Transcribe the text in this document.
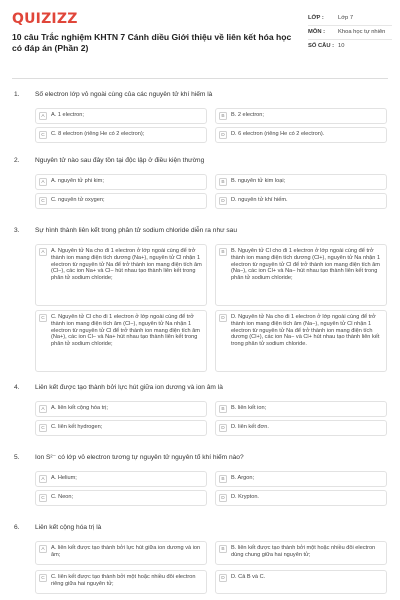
QUIZIZZ
10 câu Trắc nghiệm KHTN 7 Cánh diều Giới thiệu về liên kết hóa học có đáp án (Phần 2)
LỚP :	Lớp 7
MÔN :	Khoa học tự nhiên
SỐ CÂU : 10
1.	Số electron lớp vỏ ngoài cùng của các nguyên tử khí hiếm là
A	A. 1 electron;	B	B. 2 electron;
C	C. 8 electron (riêng He có 2 electron);	D	D. 6 electron (riêng He có 2 electron).
2.	Nguyên tử nào sau đây tồn tại độc lập ở điều kiện thường
A	A. nguyên tử phi kim;	B	B. nguyên tử kim loại;
C	C. nguyên tử oxygen;	D	D. nguyên tử khí hiếm.
3.	Sự hình thành liên kết trong phân tử sodium chloride diễn ra như sau
A	A. Nguyên tử Na cho đi 1 electron ở lớp ngoài cùng để trở thành ion mang điện tích dương (Na+), nguyên tử Cl nhận 1 electron từ nguyên tử Na để trở thành ion mang điện tích âm (Cl−), các ion Na+ và Cl− hút nhau tạo thành liên kết trong phân tử sodium chloride;
B	B. Nguyên tử Cl cho đi 1 electron ở lớp ngoài cùng để trở thành ion mang điện tích dương (Cl+), nguyên tử Na nhận 1 electron từ nguyên tử Cl để trở thành ion mang điện tích âm (Na−), các ion Cl+ và Na− hút nhau tạo thành liên kết trong phân tử sodium chloride;
C	C. Nguyên tử Cl cho đi 1 electron ở lớp ngoài cùng để trở thành ion mang điện tích âm (Cl−), nguyên tử Na nhận 1 electron từ nguyên tử Cl để trở thành ion mang điện tích âm (Na+), các ion Cl− và Na+ hút nhau tạo thành liên kết trong phân tử sodium chloride;
D	D. Nguyên tử Na cho đi 1 electron ở lớp ngoài cùng để trở thành ion mang điện tích âm (Na−), nguyên tử Cl nhận 1 electron từ nguyên tử Na để trở thành ion mang điện tích dương (Cl+), các ion Na− và Cl+ hút nhau tạo thành liên kết trong phân tử sodium chloride.
4.	Liên kết được tạo thành bởi lực hút giữa ion dương và ion âm là
A	A. liên kết cộng hóa trị;	B	B. liên kết ion;
C	C. liên kết hydrogen;	D	D. liên kết đơn.
5.	Ion S²⁻ có lớp vỏ electron tương tự nguyên tử nguyên tố khí hiếm nào?
A	A. Helium;	B	B. Argon;
C	C. Neon;	D	D. Krypton.
6.	Liên kết cộng hóa trị là
A	A. liên kết được tạo thành bởi lực hút giữa ion dương và ion âm;
B	B. liên kết được tạo thành bởi một hoặc nhiều đôi electron dùng chung giữa hai nguyên tử;
C	C. liên kết được tạo thành bởi một hoặc nhiều đôi electron riêng giữa hai nguyên tử;
D	D. Cả B và C.
